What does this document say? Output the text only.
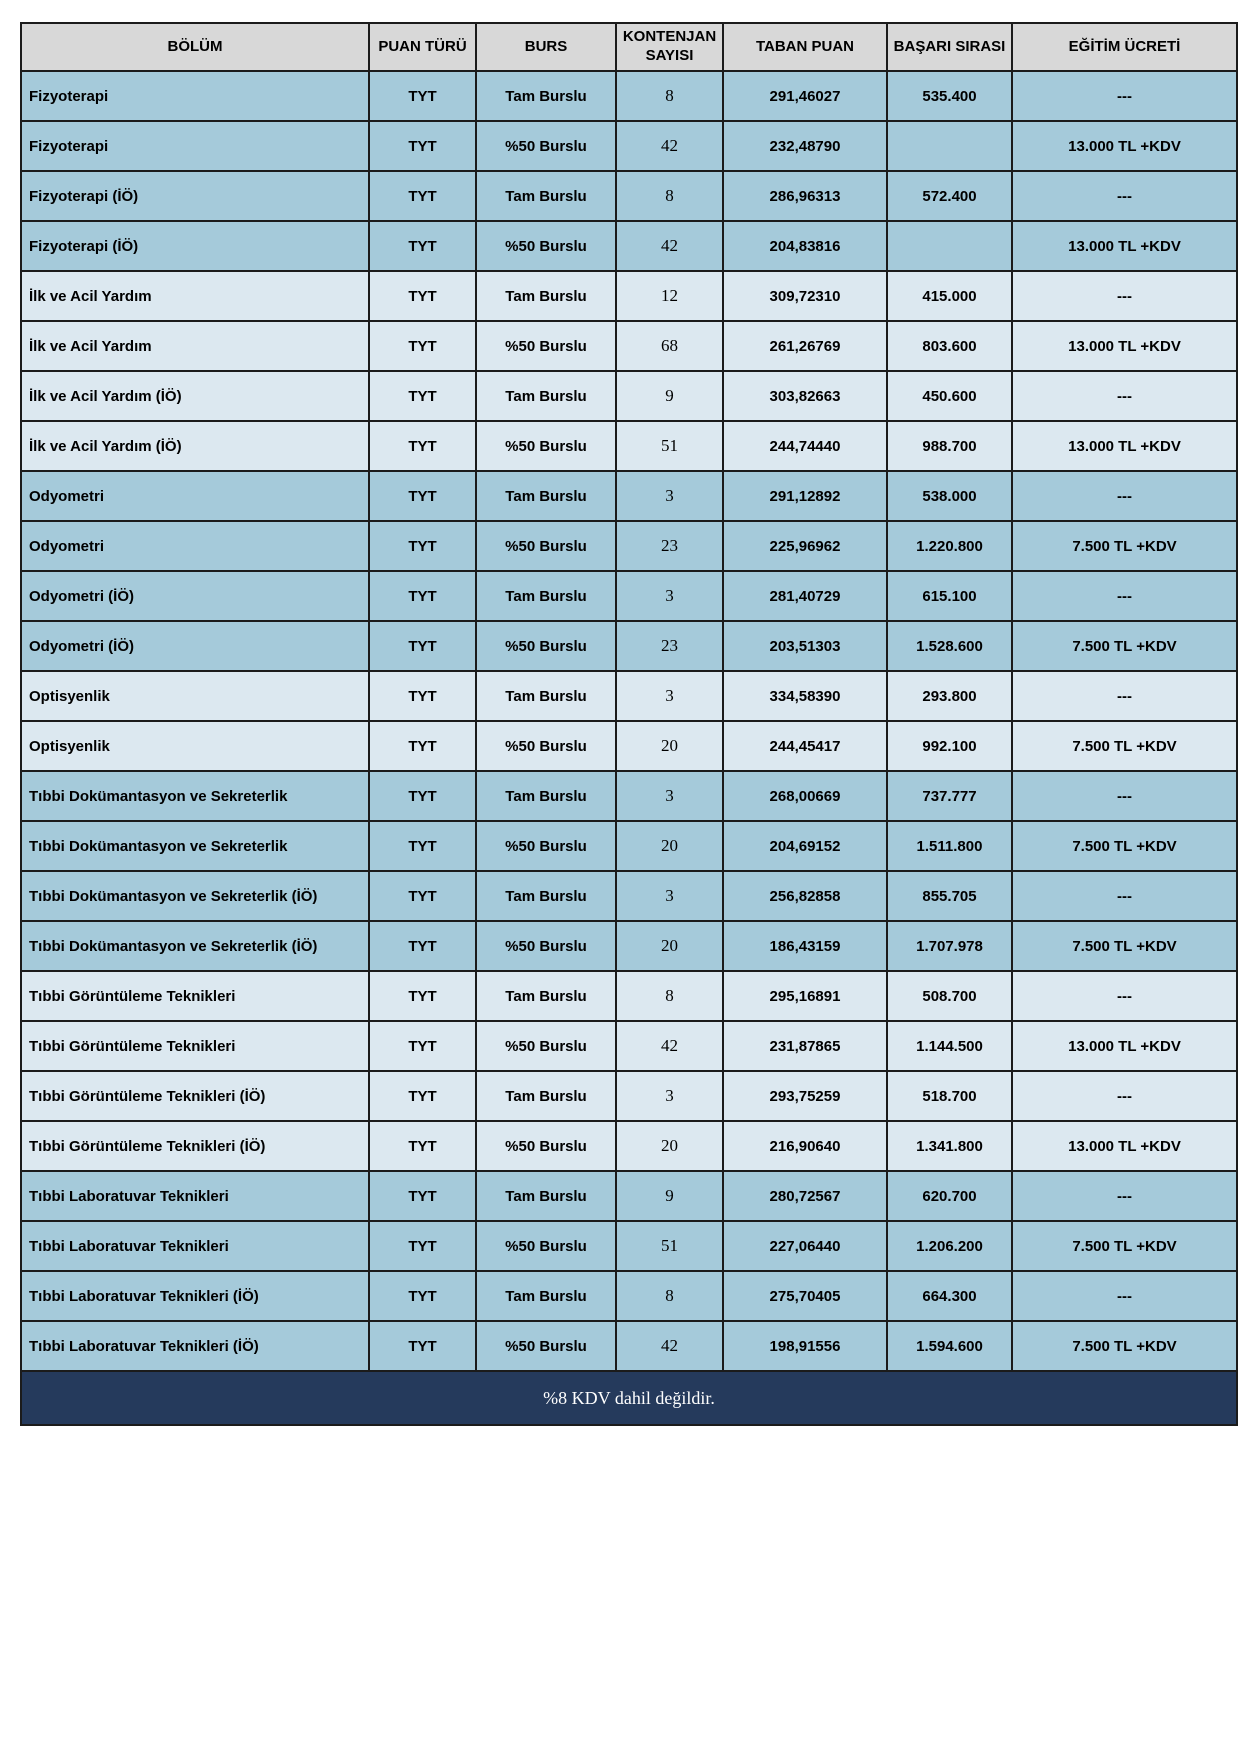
BÖLÜM	PUAN TÜRÜ	BURS	KONTENJAN SAYISI	TABAN PUAN	BAŞARI SIRASI	EĞİTİM ÜCRETİ
Fizyoterapi	TYT	Tam Burslu	8	291,46027	535.400	---
Fizyoterapi	TYT	%50 Burslu	42	232,48790		13.000 TL +KDV
Fizyoterapi (İÖ)	TYT	Tam Burslu	8	286,96313	572.400	---
Fizyoterapi (İÖ)	TYT	%50 Burslu	42	204,83816		13.000 TL +KDV
İlk ve Acil Yardım	TYT	Tam Burslu	12	309,72310	415.000	---
İlk ve Acil Yardım	TYT	%50 Burslu	68	261,26769	803.600	13.000 TL +KDV
İlk ve Acil Yardım (İÖ)	TYT	Tam Burslu	9	303,82663	450.600	---
İlk ve Acil Yardım (İÖ)	TYT	%50 Burslu	51	244,74440	988.700	13.000 TL +KDV
Odyometri	TYT	Tam Burslu	3	291,12892	538.000	---
Odyometri	TYT	%50 Burslu	23	225,96962	1.220.800	7.500 TL +KDV
Odyometri (İÖ)	TYT	Tam Burslu	3	281,40729	615.100	---
Odyometri (İÖ)	TYT	%50 Burslu	23	203,51303	1.528.600	7.500 TL +KDV
Optisyenlik	TYT	Tam Burslu	3	334,58390	293.800	---
Optisyenlik	TYT	%50 Burslu	20	244,45417	992.100	7.500 TL +KDV
Tıbbi Dokümantasyon ve Sekreterlik	TYT	Tam Burslu	3	268,00669	737.777	---
Tıbbi Dokümantasyon ve Sekreterlik	TYT	%50 Burslu	20	204,69152	1.511.800	7.500 TL +KDV
Tıbbi Dokümantasyon ve Sekreterlik (İÖ)	TYT	Tam Burslu	3	256,82858	855.705	---
Tıbbi Dokümantasyon ve Sekreterlik (İÖ)	TYT	%50 Burslu	20	186,43159	1.707.978	7.500 TL +KDV
Tıbbi Görüntüleme Teknikleri	TYT	Tam Burslu	8	295,16891	508.700	---
Tıbbi Görüntüleme Teknikleri	TYT	%50 Burslu	42	231,87865	1.144.500	13.000 TL +KDV
Tıbbi Görüntüleme Teknikleri (İÖ)	TYT	Tam Burslu	3	293,75259	518.700	---
Tıbbi Görüntüleme Teknikleri (İÖ)	TYT	%50 Burslu	20	216,90640	1.341.800	13.000 TL +KDV
Tıbbi Laboratuvar Teknikleri	TYT	Tam Burslu	9	280,72567	620.700	---
Tıbbi Laboratuvar Teknikleri	TYT	%50 Burslu	51	227,06440	1.206.200	7.500 TL +KDV
Tıbbi Laboratuvar Teknikleri (İÖ)	TYT	Tam Burslu	8	275,70405	664.300	---
Tıbbi Laboratuvar Teknikleri (İÖ)	TYT	%50 Burslu	42	198,91556	1.594.600	7.500 TL +KDV
%8 KDV dahil değildir.						
